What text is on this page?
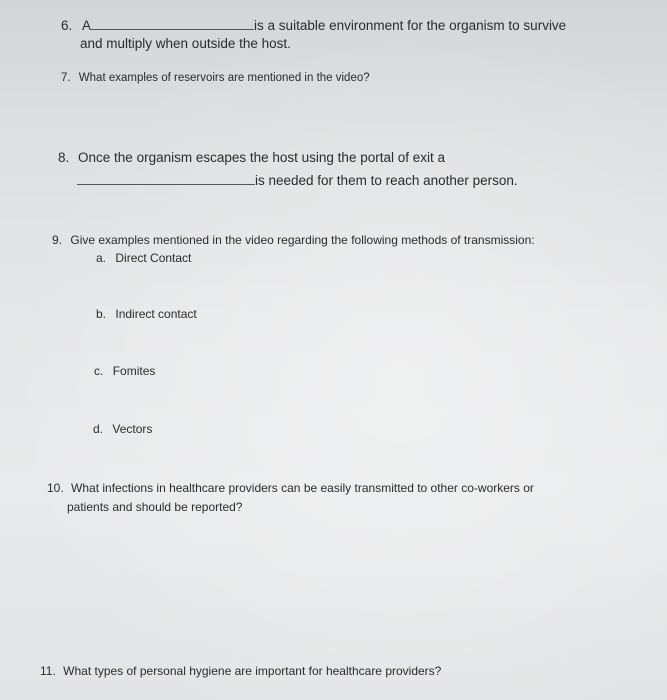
6. A	is a suitable environment for the organism to survive
and multiply when outside the host.
7. What examples of reservoirs are mentioned in the video?
8. Once the organism escapes the host using the portal of exit a
is needed for them to reach another person.
9. Give examples mentioned in the video regarding the following methods of transmission:
a. Direct Contact
b. Indirect contact
c. Fomites
d. Vectors
10. What infections in healthcare providers can be easily transmitted to other co-workers or
patients and should be reported?
11. What types of personal hygiene are important for healthcare providers?
